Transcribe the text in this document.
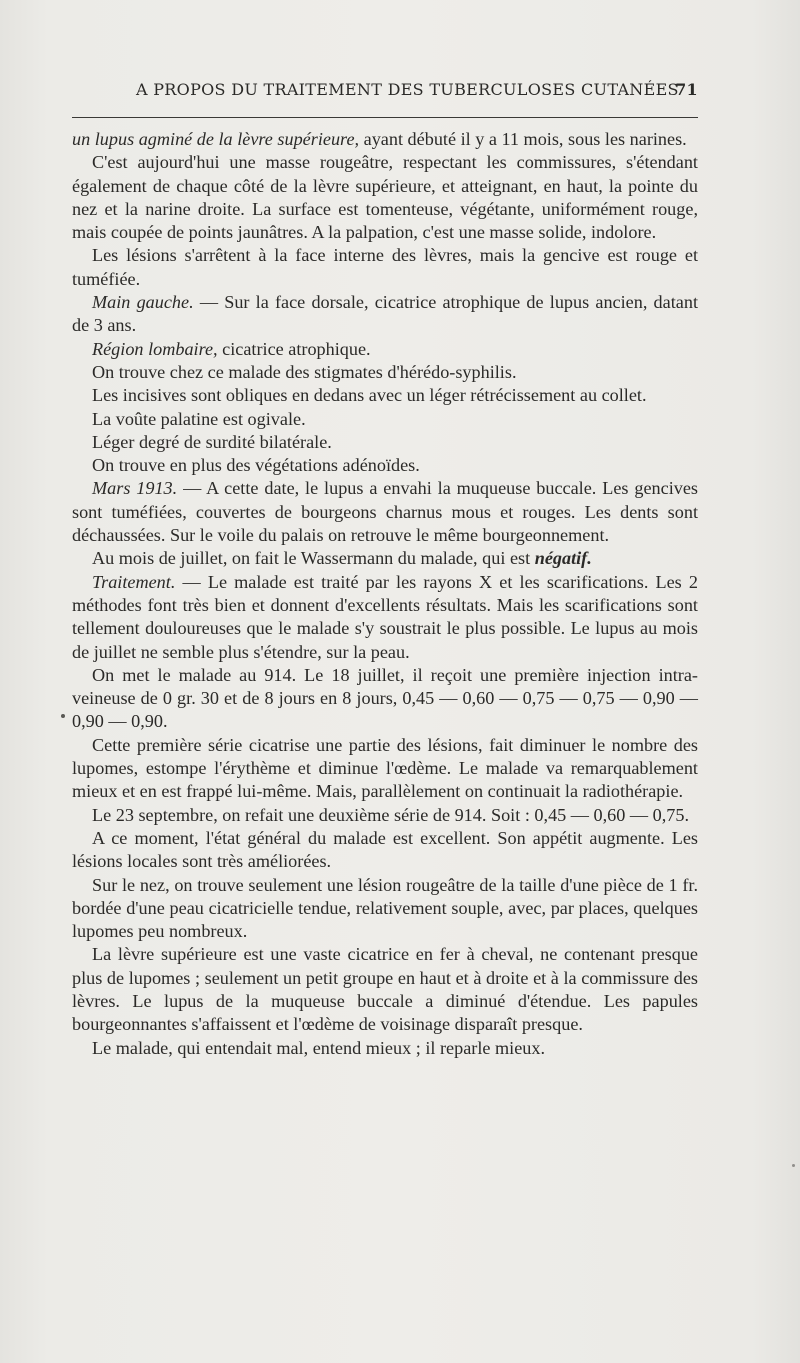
A PROPOS DU TRAITEMENT DES TUBERCULOSES CUTANÉES
71

un lupus agminé de la lèvre supérieure, ayant débuté il y a 11 mois, sous les narines.

C'est aujourd'hui une masse rougeâtre, respectant les commissures, s'étendant également de chaque côté de la lèvre supérieure, et atteignant, en haut, la pointe du nez et la narine droite. La surface est tomenteuse, végétante, uniformément rouge, mais coupée de points jaunâtres. A la palpation, c'est une masse solide, indolore.

Les lésions s'arrêtent à la face interne des lèvres, mais la gencive est rouge et tuméfiée.

Main gauche. — Sur la face dorsale, cicatrice atrophique de lupus ancien, datant de 3 ans.

Région lombaire, cicatrice atrophique.

On trouve chez ce malade des stigmates d'hérédo-syphilis.

Les incisives sont obliques en dedans avec un léger rétrécissement au collet.

La voûte palatine est ogivale.

Léger degré de surdité bilatérale.

On trouve en plus des végétations adénoïdes.

Mars 1913. — A cette date, le lupus a envahi la muqueuse buccale. Les gencives sont tuméfiées, couvertes de bourgeons charnus mous et rouges. Les dents sont déchaussées. Sur le voile du palais on retrouve le même bourgeonnement.

Au mois de juillet, on fait le Wassermann du malade, qui est négatif.

Traitement. — Le malade est traité par les rayons X et les scarifications. Les 2 méthodes font très bien et donnent d'excellents résultats. Mais les scarifications sont tellement douloureuses que le malade s'y soustrait le plus possible. Le lupus au mois de juillet ne semble plus s'étendre, sur la peau.

On met le malade au 914. Le 18 juillet, il reçoit une première injection intra-veineuse de 0 gr. 30 et de 8 jours en 8 jours, 0,45 — 0,60 — 0,75 — 0,75 — 0,90 — 0,90 — 0,90.

Cette première série cicatrise une partie des lésions, fait diminuer le nombre des lupomes, estompe l'érythème et diminue l'œdème. Le malade va remarquablement mieux et en est frappé lui-même. Mais, parallèlement on continuait la radiothérapie.

Le 23 septembre, on refait une deuxième série de 914. Soit : 0,45 — 0,60 — 0,75.

A ce moment, l'état général du malade est excellent. Son appétit augmente. Les lésions locales sont très améliorées.

Sur le nez, on trouve seulement une lésion rougeâtre de la taille d'une pièce de 1 fr. bordée d'une peau cicatricielle tendue, relativement souple, avec, par places, quelques lupomes peu nombreux.

La lèvre supérieure est une vaste cicatrice en fer à cheval, ne contenant presque plus de lupomes ; seulement un petit groupe en haut et à droite et à la commissure des lèvres. Le lupus de la muqueuse buccale a diminué d'étendue. Les papules bourgeonnantes s'affaissent et l'œdème de voisinage disparaît presque.

Le malade, qui entendait mal, entend mieux ; il reparle mieux.
